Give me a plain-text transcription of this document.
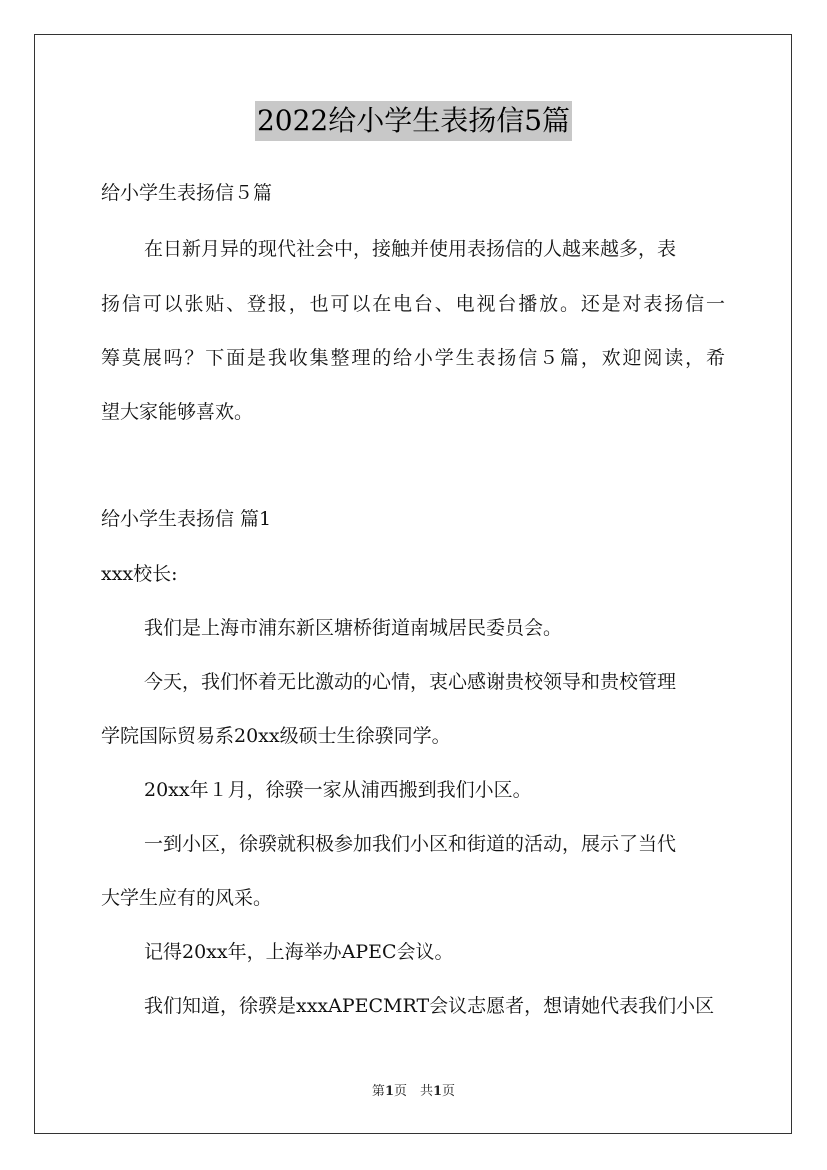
2022给小学生表扬信5篇
给小学生表扬信５篇
在日新月异的现代社会中，接触并使用表扬信的人越来越多，表
扬信可以张贴、登报，也可以在电台、电视台播放。还是对表扬信一
筹莫展吗？下面是我收集整理的给小学生表扬信５篇，欢迎阅读，希
望大家能够喜欢。
给小学生表扬信 篇1
xxx校长:
我们是上海市浦东新区塘桥街道南城居民委员会。
今天，我们怀着无比激动的心情，衷心感谢贵校领导和贵校管理
学院国际贸易系20xx级硕士生徐骙同学。
20xx年１月，徐骙一家从浦西搬到我们小区。
一到小区，徐骙就积极参加我们小区和街道的活动，展示了当代
大学生应有的风采。
记得20xx年，上海举办APEC会议。
我们知道，徐骙是xxxAPECMRT会议志愿者，想请她代表我们小区
第1页　共1页
